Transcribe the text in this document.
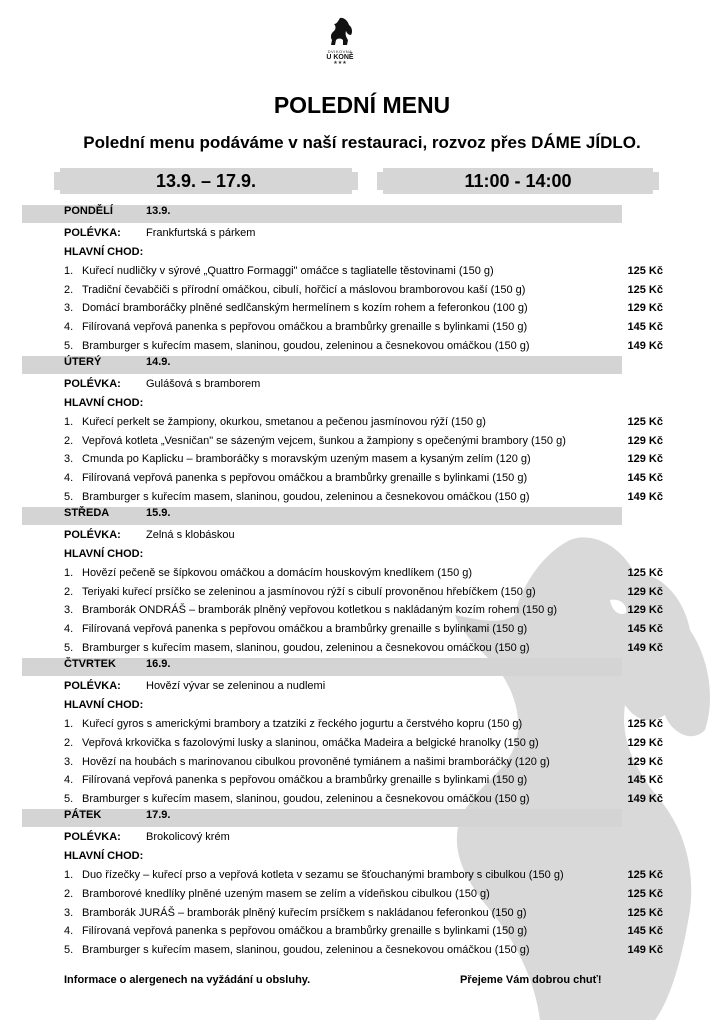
DVIKOVNA
U KONĚ
★★★
POLEDNÍ MENU
Polední menu podáváme v naší restauraci, rozvoz přes DÁME JÍDLO.
13.9. – 17.9.	11:00 - 14:00
PONDĚLÍ	13.9.
POLÉVKA: Frankfurtská s párkem
HLAVNÍ CHOD:
1. Kuřecí nudličky v sýrové „Quattro Formaggi" omáčce s tagliatelle těstovinami (150 g)	125 Kč
2. Tradiční čevabčiči s přírodní omáčkou, cibulí, hořčicí a máslovou bramborovou kaší (150 g)	125 Kč
3. Domácí bramboráčky plněné sedlčanským hermelínem s kozím rohem a feferonkou (100 g)	129 Kč
4. Filírovaná vepřová panenka s pepřovou omáčkou a brambůrky grenaille s bylinkami (150 g)	145 Kč
5. Bramburger s kuřecím masem, slaninou, goudou, zeleninou a česnekovou omáčkou (150 g)	149 Kč
ÚTERÝ	14.9.
POLÉVKA: Gulášová s bramborem
HLAVNÍ CHOD:
1. Kuřecí perkelt se žampiony, okurkou, smetanou a pečenou jasmínovou rýží (150 g)	125 Kč
2. Vepřová kotleta „Vesničan" se sázeným vejcem, šunkou a žampiony s opečenými brambory (150 g)	129 Kč
3. Cmunda po Kaplicku – bramboráčky s moravským uzeným masem a kysaným zelím (120 g)	129 Kč
4. Filírovaná vepřová panenka s pepřovou omáčkou a brambůrky grenaille s bylinkami (150 g)	145 Kč
5. Bramburger s kuřecím masem, slaninou, goudou, zeleninou a česnekovou omáčkou (150 g)	149 Kč
STŘEDA	15.9.
POLÉVKA: Zelná s klobáskou
HLAVNÍ CHOD:
1. Hovězí pečeně se šípkovou omáčkou a domácím houskovým knedlíkem (150 g)	125 Kč
2. Teriyaki kuřecí prsíčko se zeleninou a jasmínovou rýží s cibulí provoněnou hřebíčkem (150 g)	129 Kč
3. Bramborák ONDRÁŠ – bramborák plněný vepřovou kotletkou s nakládaným kozím rohem (150 g)	129 Kč
4. Filírovaná vepřová panenka s pepřovou omáčkou a brambůrky grenaille s bylinkami (150 g)	145 Kč
5. Bramburger s kuřecím masem, slaninou, goudou, zeleninou a česnekovou omáčkou (150 g)	149 Kč
ČTVRTEK	16.9.
POLÉVKA: Hovězí vývar se zeleninou a nudlemi
HLAVNÍ CHOD:
1. Kuřecí gyros s americkými brambory a tzatziki z řeckého jogurtu a čerstvého kopru (150 g)	125 Kč
2. Vepřová krkovička s fazolovými lusky a slaninou, omáčka Madeira a belgické hranolky (150 g)	129 Kč
3. Hovězí na houbách s marinovanou cibulkou provoněné tymiánem a našimi bramboráčky (120 g)	129 Kč
4. Filírovaná vepřová panenka s pepřovou omáčkou a brambůrky grenaille s bylinkami (150 g)	145 Kč
5. Bramburger s kuřecím masem, slaninou, goudou, zeleninou a česnekovou omáčkou (150 g)	149 Kč
PÁTEK	17.9.
POLÉVKA: Brokolicový krém
HLAVNÍ CHOD:
1. Duo řízečky – kuřecí prso a vepřová kotleta v sezamu se šťouchanými brambory s cibulkou (150 g)	125 Kč
2. Bramborové knedlíky plněné uzeným masem se zelím a vídeňskou cibulkou (150 g)	125 Kč
3. Bramborák JURÁŠ – bramborák plněný kuřecím prsíčkem s nakládanou feferonkou (150 g)	125 Kč
4. Filírovaná vepřová panenka s pepřovou omáčkou a brambůrky grenaille s bylinkami (150 g)	145 Kč
5. Bramburger s kuřecím masem, slaninou, goudou, zeleninou a česnekovou omáčkou (150 g)	149 Kč
Informace o alergenech na vyžádání u obsluhy.	Přejeme Vám dobrou chuť!
